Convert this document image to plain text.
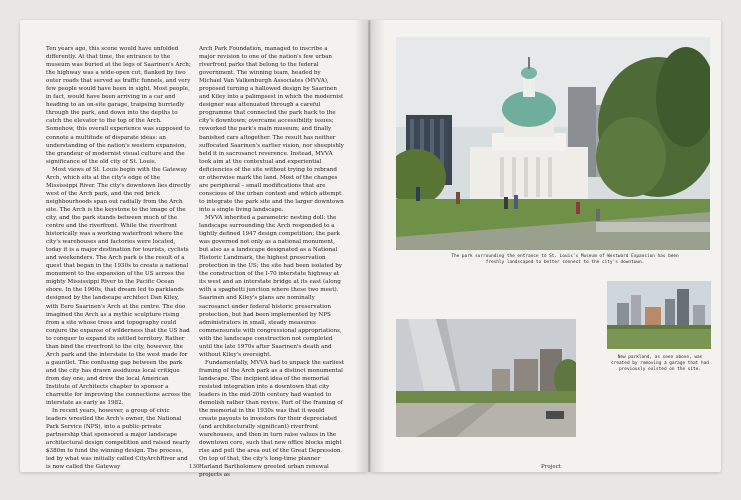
Ten years ago, this scene would have unfolded differently. At that time, the entrance to the museum was buried at the legs of Saarinen's Arch; the highway was a wide-open cut, flanked by two outer roads that served as traffic funnels, and very few people would have been in sight. Most people, in fact, would have been arriving in a car and heading to an on-site garage, traipsing hurriedly through the park, and down into the depths to catch the elevator to the top of the Arch. Somehow, this overall experience was supposed to connote a multitude of disparate ideas: an understanding of the nation's western expansion, the grandeur of modernist visual culture and the significance of the old city of St. Louis.

Most views of St. Louis begin with the Gateway Arch, which sits at the city's edge of the Mississippi River. The city's downtown lies directly west of the Arch park, and the red brick neighbourhoods span out radially from the Arch site. The Arch is the keystone to the image of the city, and the park stands between much of the centre and the riverfront. While the riverfront historically was a working waterfront where the city's warehouses and factories were located, today it is a major destination for tourists, cyclists and weekenders. The Arch park is the result of a quest that began in the 1930s to create a national monument to the expansion of the US across the mighty Mississippi River to the Pacific Ocean shore. In the 1960s, that dream led to parklands designed by the landscape architect Dan Kiley, with Eero Saarinen's Arch at the centre. The duo imagined the Arch as a mythic sculpture rising from a site whose trees and topography could conjure the expanse of wilderness that the US had to conquer to expand its settled territory. Rather than bind the riverfront to the city, however, the Arch park and the interstate to the west made for a gauntlet. The confusing gap between the park and the city has drawn assiduous local critique from day one, and drew the local American Institute of Architects chapter to sponsor a charrette for improving the connections across the interstate as early as 1982.

In recent years, however, a group of civic leaders wrestled the Arch's owner, the National Park Service (NPS), into a public-private partnership that sponsored a major landscape architectural design competition and raised nearly $380m to fund the winning design. The process, led by what was initially called CityArchRiver and is now called the Gateway

Arch Park Foundation, managed to inscribe a major revision to one of the nation's few urban riverfront parks that belong to the federal government. The winning team, headed by Michael Van Valkenburgh Associates (MVVA), proposed turning a hallowed design by Saarinen and Kiley into a palimpsest in which the modernist designer was attenuated through a careful programme that connected the park back to the city's downtown; overcame accessibility issues; reworked the park's main museum; and finally banished cars altogether. The result has neither suffocated Saarinen's earlier vision, nor sheepishly held it in sacrosanct reverence. Instead, MVVA took aim at the contextual and experiential deficiencies of the site without trying to rebrand or otherwise mark the land. Most of the changes are peripheral – small modifications that are conscious of the urban context and which attempt to integrate the park site and the larger downtown into a single living landscape.

MVVA inherited a parametric nesting doll: the landscape surrounding the Arch responded to a tightly defined 1947 design competition; the park was governed not only as a national monument, but also as a landscape designated as a National Historic Landmark, the highest preservation protection in the US; the site had been isolated by the construction of the I-70 interstate highway at its west and an interstate bridge at its east (along with a spaghetti junction where these two meet). Saarinen and Kiley's plans are nominally sacrosanct under federal historic preservation protection, but had been implemented by NPS administrators in small, steady measures commensurate with congressional appropriations, with the landscape construction not completed until the late 1970s after Saarinen's death and without Kiley's oversight.

Fundamentally, MVVA had to unpack the earliest framing of the Arch park as a distinct monumental landscape. The incipient idea of the memorial resisted integration into a downtown that city leaders in the mid-20th century had wanted to demolish rather than revive. Part of the framing of the memorial in the 1930s was that it would create payouts to investors for their depreciated (and architecturally significant) riverfront warehouses, and then in turn raise values in the downtown core, such that new office blocks might rise and pull the area out of the Great Depression. On top of that, the city's long-time planner Harland Bartholomew greeted urban renewal projects as

130
The park surrounding the entrance to St. Louis's Museum of Westward Expansion has been freshly landscaped to better connect to the city's downtown.
New parkland, as seen above, was created by removing a garage that had previously existed on the site.
Project
